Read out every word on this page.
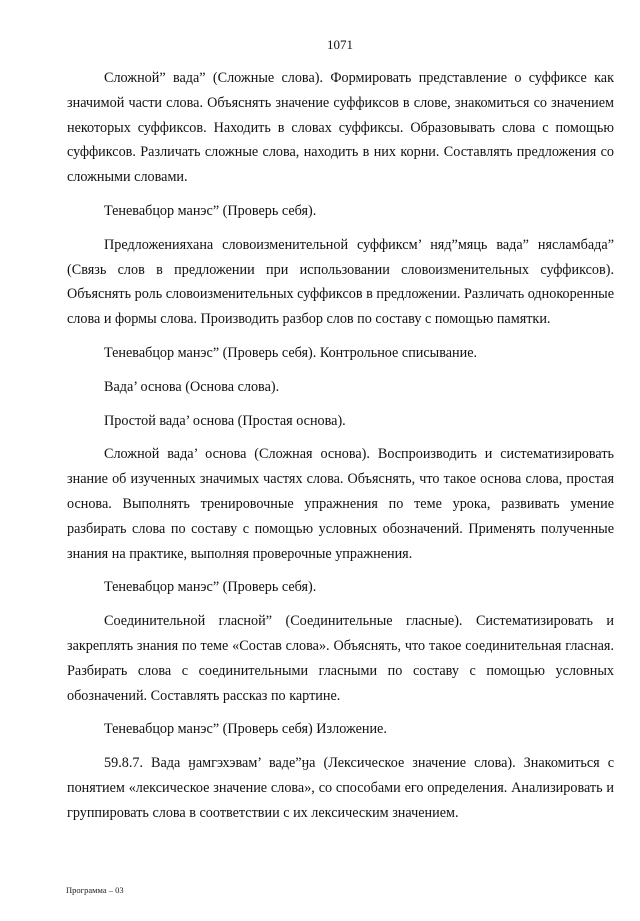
1071

Сложной” вада” (Сложные слова). Формировать представление о суффиксе как значимой части слова. Объяснять значение суффиксов в слове, знакомиться со значением некоторых суффиксов. Находить в словах суффиксы. Образовывать слова с помощью суффиксов. Различать сложные слова, находить в них корни. Составлять предложения со сложными словами.

Теневабцор манэс” (Проверь себя).

Предложенияхана словоизменительной суффиксм’ няд”мяць вада” нясламбада” (Связь слов в предложении при использовании словоизменительных суффиксов). Объяснять роль словоизменительных суффиксов в предложении. Различать однокоренные слова и формы слова. Производить разбор слов по составу с помощью памятки.

Теневабцор манэс” (Проверь себя). Контрольное списывание.

Вада’ основа (Основа слова).

Простой вада’ основа (Простая основа).

Сложной вада’ основа (Сложная основа). Воспроизводить и систематизировать знание об изученных значимых частях слова. Объяснять, что такое основа слова, простая основа. Выполнять тренировочные упражнения по теме урока, развивать умение разбирать слова по составу с помощью условных обозначений. Применять полученные знания на практике, выполняя проверочные упражнения.

Теневабцор манэс” (Проверь себя).

Соединительной гласной” (Соединительные гласные). Систематизировать и закреплять знания по теме «Состав слова». Объяснять, что такое соединительная гласная. Разбирать слова с соединительными гласными по составу с помощью условных обозначений. Составлять рассказ по картине.

Теневабцор манэс” (Проверь себя) Изложение.

59.8.7. Вада ӈамгэхэвам’ ваде”ӈа (Лексическое значение слова). Знакомиться с понятием «лексическое значение слова», со способами его определения. Анализировать и группировать слова в соответствии с их лексическим значением.

Программа – 03
